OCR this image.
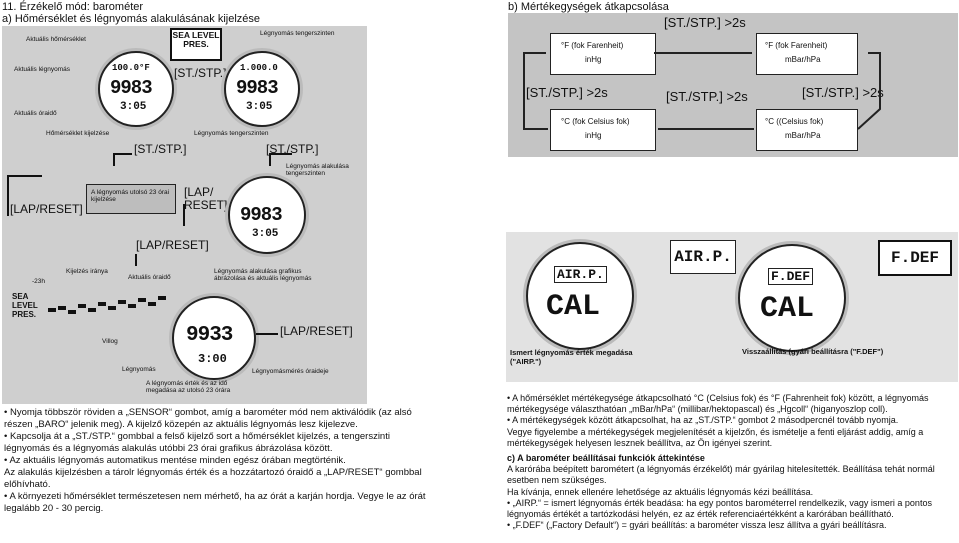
11. Érzékelő mód: barométer
a) Hőmérséklet és légnyomás alakulásának kijelzése
b) Mértékegységek átkapcsolása
Aktuális hőmérséklet
Aktuális légnyomás
Aktuális óraidő
Hőmérséklet kijelzése
Légnyomás tengerszinten
Légnyomás tengerszinten
Légnyomás alakulása tengerszinten
SEA LEVEL PRES.
100.0°F
9983
3:05
[ST./STP.] 1.000.0
9983
3:05
[ST./STP.]	[ST./STP.]
A légnyomás utolsó 23 órai kijelzése
[LAP/RESET]
[LAP/ RESET] 9983
3:05
[LAP/RESET]
-23h
Kijelzés iránya
Aktuális óraidő
Légnyomás alakulása grafikus ábrázolása és aktuális légnyomás
SEA LEVEL PRES.
9933
3:00
[LAP/RESET]
Villog
Légnyomás	Légnyomásmérés óraideje
A légnyomás érték és az idő megadása az utolsó 23 órára
[ST./STP.] >2s
[ST./STP.] >2s	[ST./STP.] >2s	[ST./STP.] >2s
°F (fok Farenheit)
inHg
°F (fok Farenheit)
mBar/hPa
°C (fok Celsius fok)
inHg
°C ((Celsius fok)
mBar/hPa
AIR.P.
CAL
AIR.P.
F.DEF
CAL
F.DEF
Ismert légnyomás érték megadása ("AIRP.")
Visszaállítás (gyári beállításra ("F.DEF")
• Nyomja többször röviden a „SENSOR“ gombot, amíg a barométer mód nem aktiválódik (az alsó részen „BARO“ jelenik meg). A kijelző közepén az aktuális légnyomás lesz kijelezve.
• Kapcsolja át a „ST./STP.“ gombbal a felső kijelző sort a hőmérséklet kijelzés, a tengerszinti légnyomás és a légnyomás alakulás utóbbi 23 órai grafikus ábrázolása között.
• Az aktuális légnyomás automatikus mentése minden egész órában megtörténik.
Az alakulás kijelzésben a tárolr légnyomás érték és a hozzátartozó óraidő a „LAP/RESET“ gombbal előhívható.
• A környezeti hőmérséklet természetesen nem mérhető, ha az órát a karján hordja. Vegye le az órát legalább 20 - 30 percig.
• A hőmérséklet mértékegysége átkapcsolható °C (Celsius fok) és °F (Fahrenheit fok) között, a légnyomás mértékegysége választhatóan „mBar/hPa“ (millibar/hektopascal) és „Hgcoll“ (higanyoszlop coll).
• A mértékegységek között átkapcsolhat, ha az „ST./STP.“ gombot 2 másodpercnél tovább nyomja.
Vegye figyelembe a mértékegységek megjelenítését a kijelzőn, és ismételje a fenti eljárást addig, amíg a mértékegységek helyesen lesznek beállítva, az Ön igényei szerint.
c) A barométer beállításai funkciók áttekintése
A karórába beépített barométert (a légnyomás érzékelőt) már gyárilag hitelesítették. Beállítása tehát normál esetben nem szükséges.
Ha kívánja, ennek ellenére lehetősége az aktuális légnyomás kézi beállítása.
• „AIRP.“ = ismert légnyomás érték beadása: ha egy pontos barométerrel rendelkezik, vagy ismeri a pontos légnyomás értékét a tartózkodási helyén, ez az érték referenciaértékként a karórában beállítható.
• „F.DEF“ („Factory Default“) = gyári beállítás: a barométer vissza lesz állítva a gyári beállításra.
